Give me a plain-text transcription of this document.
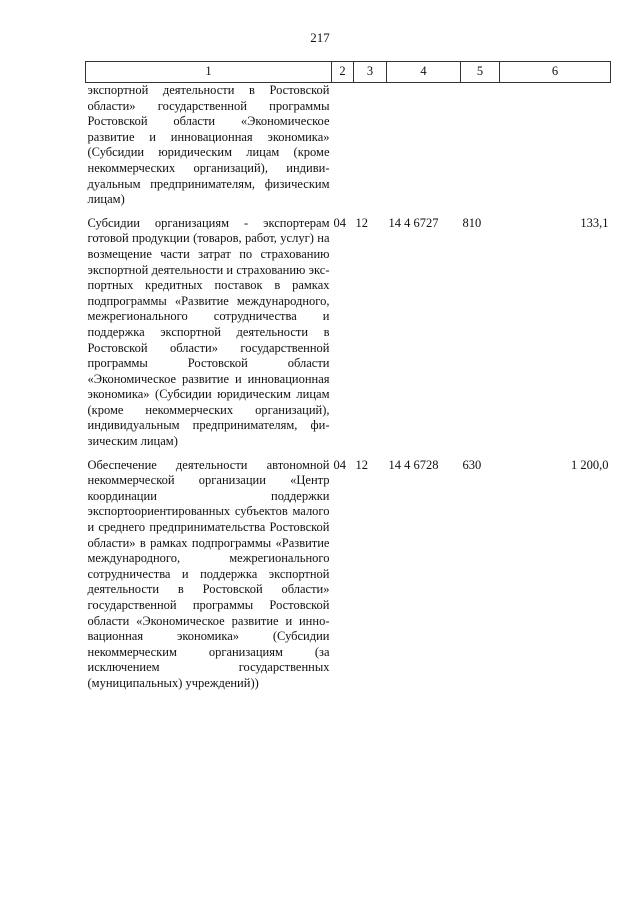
217
1	2	3	4	5	6
экспортной деятельности в Ростовской области» государственной программы Ростовской области «Экономическое развитие и инновационная экономика» (Субсидии юридическим лицам (кроме некоммерческих организаций), индивидуальным предпринимателям, физическим лицам)					
Субсидии организациям - экспортерам готовой продукции (товаров, работ, услуг) на возмещение части затрат по страхованию экспортной деятельности и страхованию экспортных кредитных поставок в рамках подпрограммы «Развитие международного, межрегионального сотрудничества и поддержка экспортной деятельности в Ростовской области» государственной программы Ростовской области «Экономическое развитие и инновационная экономика» (Субсидии юридическим лицам (кроме некоммерческих организаций), индивидуальным предпринимателям, физическим лицам)	04	12	14 4 6727	810	133,1
Обеспечение деятельности автономной некоммерческой организации «Центр координации поддержки экспортоориентированных субъектов малого и среднего предпринимательства Ростовской области» в рамках подпрограммы «Развитие международного, межрегионального сотрудничества и поддержка экспортной деятельности в Ростовской области» государственной программы Ростовской области «Экономическое развитие и инновационная экономика» (Субсидии некоммерческим организациям (за исключением государственных (муниципальных) учреждений))	04	12	14 4 6728	630	1 200,0
